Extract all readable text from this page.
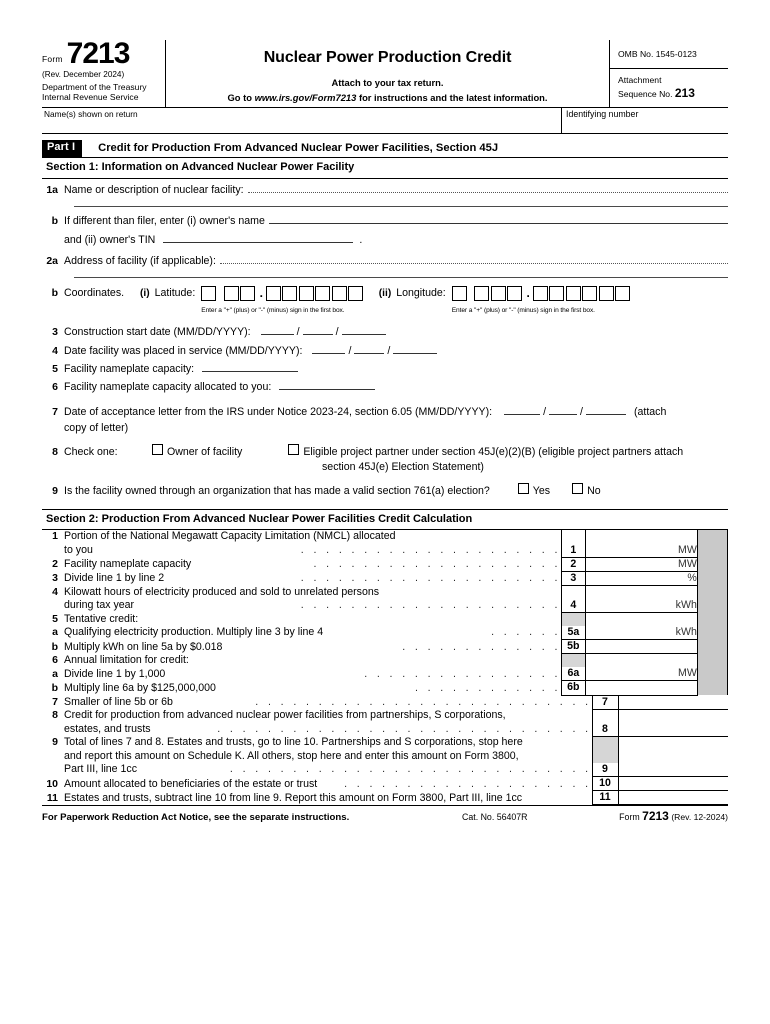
Form 7213
(Rev. December 2024)
Department of the Treasury
Internal Revenue Service
Nuclear Power Production Credit
Attach to your tax return.
Go to www.irs.gov/Form7213 for instructions and the latest information.
OMB No. 1545-0123
Attachment
Sequence No. 213
Name(s) shown on return	Identifying number
Part I	Credit for Production From Advanced Nuclear Power Facilities, Section 45J
Section 1: Information on Advanced Nuclear Power Facility
1a Name or description of nuclear facility:
b If different than filer, enter (i) owner's name
and (ii) owner's TIN	.
2a Address of facility (if applicable):
b Coordinates.	(i) Latitude:	.
Enter a "+" (plus) or "-" (minus) sign in the first box.
(ii) Longitude:	.
Enter a "+" (plus) or "-" (minus) sign in the first box.
3 Construction start date (MM/DD/YYYY):	/	/
4 Date facility was placed in service (MM/DD/YYYY):	/	/
5 Facility nameplate capacity:
6 Facility nameplate capacity allocated to you:
7 Date of acceptance letter from the IRS under Notice 2023-24, section 6.05 (MM/DD/YYYY):	/	/	(attach
copy of letter)
8 Check one:	Owner of facility	Eligible project partner under section 45J(e)(2)(B) (eligible project partners attach
section 45J(e) Election Statement)
9 Is the facility owned through an organization that has made a valid section 761(a) election?	Yes	No
Section 2: Production From Advanced Nuclear Power Facilities Credit Calculation
1 Portion of the National Megawatt Capacity Limitation (NMCL) allocated				

to you . . . . . . . . . . . . . . . . . . . . .	1	MW		

2 Facility nameplate capacity . . . . . . . . . . . . . . . . . . . .	2	MW		

3 Divide line 1 by line 2 . . . . . . . . . . . . . . . . . . . . .	3	%		

4 Kilowatt hours of electricity produced and sold to unrelated persons				

during tax year . . . . . . . . . . . . . . . . . . . . .	4	kWh		

5 Tentative credit:				

a Qualifying electricity production. Multiply line 3 by line 4 . . . . . .	5a	kWh		

b Multiply kWh on line 5a by $0.018 . . . . . . . . . . . . .	5b			

6 Annual limitation for credit:				

a Divide line 1 by 1,000 . . . . . . . . . . . . . . . .	6a	MW		

b Multiply line 6a by $125,000,000 . . . . . . . . . . . .	6b			
7 Smaller of line 5b or 6b . . . . . . . . . . . . . . . . . . . . . . . . . . .	7	

8 Credit for production from advanced nuclear power facilities from partnerships, S corporations,		

estates, and trusts . . . . . . . . . . . . . . . . . . . . . . . . . . . . . .	8	

9 Total of lines 7 and 8. Estates and trusts, go to line 10. Partnerships and S corporations, stop here		

and report this amount on Schedule K. All others, stop here and enter this amount on Form 3800,		

Part III, line 1cc . . . . . . . . . . . . . . . . . . . . . . . . . . . . .	9	

10 Amount allocated to beneficiaries of the estate or trust . . . . . . . . . . . . . . . . . . . .	10	

11 Estates and trusts, subtract line 10 from line 9. Report this amount on Form 3800, Part III, line 1cc	11	
For Paperwork Reduction Act Notice, see the separate instructions.	Cat. No. 56407R	Form 7213 (Rev. 12-2024)
